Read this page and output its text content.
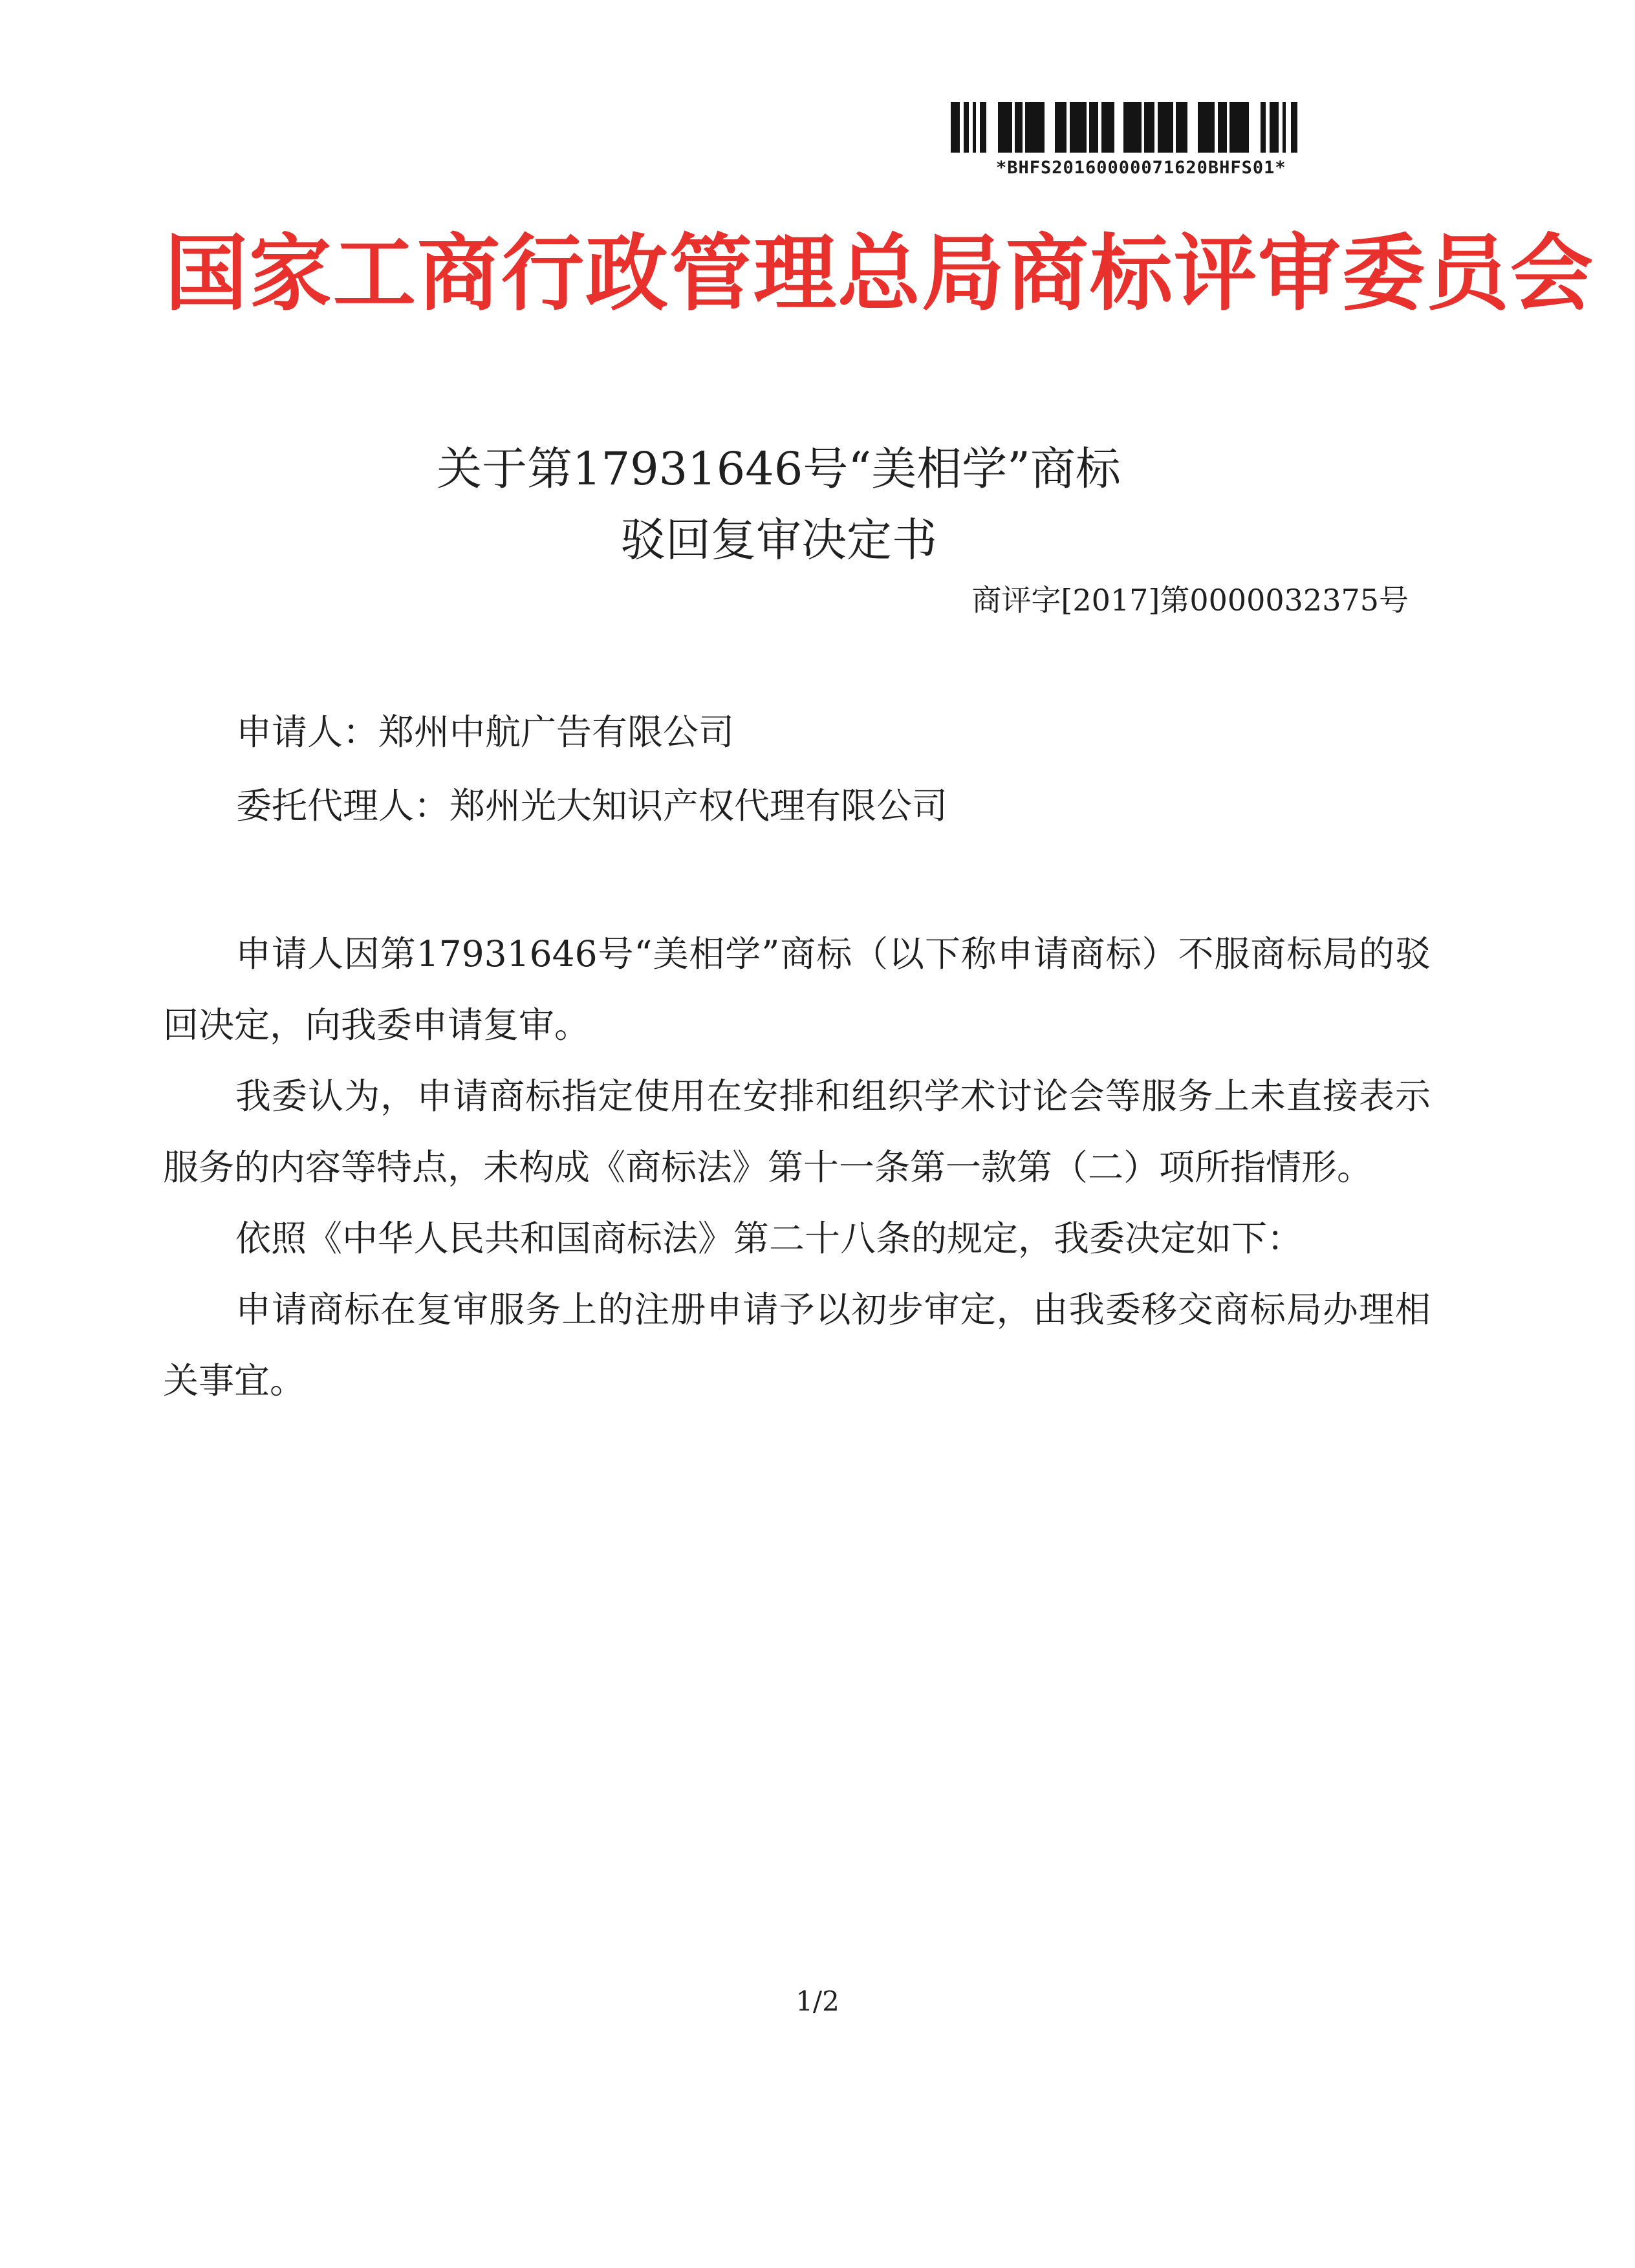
*BHFS20160000071620BHFS01*
国家工商行政管理总局商标评审委员会
关于第17931646号“美相学”商标
驳回复审决定书
商评字[2017]第0000032375号
申请人：郑州中航广告有限公司
委托代理人：郑州光大知识产权代理有限公司

申请人因第17931646号“美相学”商标（以下称申请商标）不服商标局的驳回决定，向我委申请复审。

我委认为，申请商标指定使用在安排和组织学术讨论会等服务上未直接表示服务的内容等特点，未构成《商标法》第十一条第一款第（二）项所指情形。

依照《中华人民共和国商标法》第二十八条的规定，我委决定如下：

申请商标在复审服务上的注册申请予以初步审定，由我委移交商标局办理相关事宜。

1/2
